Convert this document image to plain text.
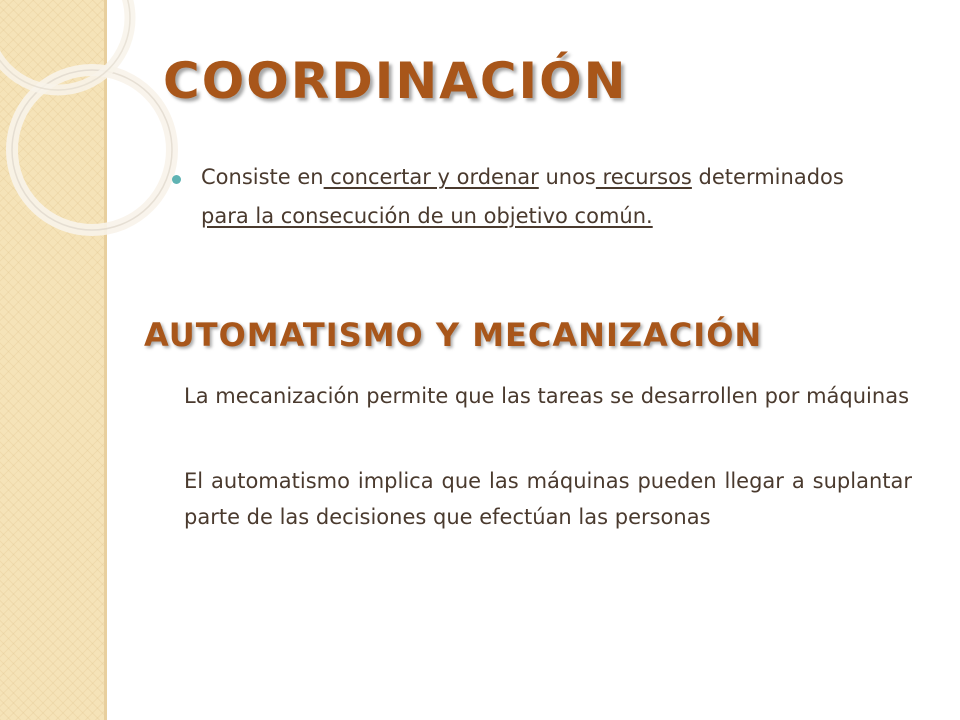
COORDINACIÓN
Consiste en concertar y ordenar unos recursos determinados para la consecución de un objetivo común.
AUTOMATISMO Y MECANIZACIÓN

La mecanización permite que las tareas se desarrollen por máquinas

El automatismo implica que las máquinas pueden llegar a suplantar parte de las decisiones que efectúan las personas
